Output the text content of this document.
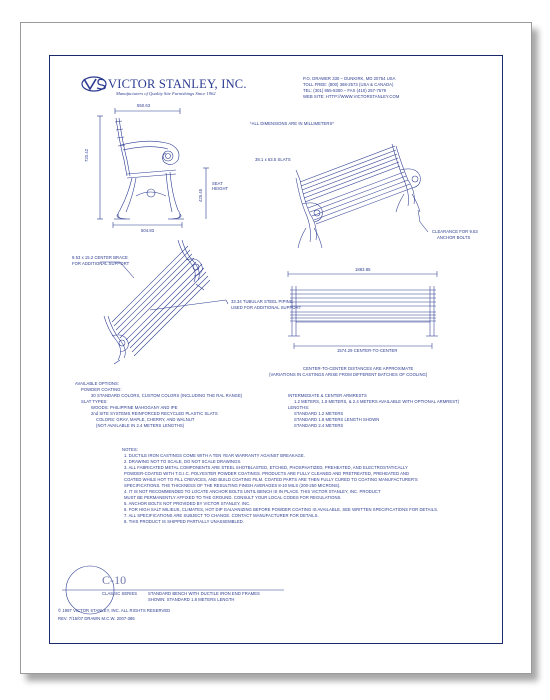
VICTOR STANLEY, INC.
Manufacturers of Quality Site Furnishings Since 1962
P.O. DRAWER 330 – DUNKIRK, MD 20754 USA
TOLL FREE: (800) 368-2573 (USA & CANADA)
TEL: (301) 855-8300 – FAX (410) 257-7579
WEB SITE: HTTP://WWW.VICTORSTANLEY.COM
*ALL DIMENSIONS ARE IN MILLIMETERS*
550.63
720.42
SEAT HEIGHT
425.45
504.83
38.1 x 63.5 SLATS
CLEARANCE FOR 9.53
ANCHOR BOLTS
9.53 x 15.2 CENTER BRACE
FOR ADDITIONAL SUPPORT
33.34 TUBULAR STEEL PIPING
USED FOR ADDITIONAL SUPPORT
1883.85
1574.29 CENTER-TO-CENTER
CENTER-TO-CENTER DISTANCES ARE APPROXIMATE
(VARIATIONS IN CASTINGS ARISE FROM DIFFERENT BATCHES OF COOLING)
AVAILABLE OPTIONS:
POWDER COATING:
30 STANDARD COLORS, CUSTOM COLORS (INCLUDING THE RAL RANGE)
SLAT TYPES:
WOODS: PHILIPPINE MAHOGANY AND IPE
2nd SITE SYSTEMS REINFORCED RECYCLED PLASTIC SLATS
COLORS: GRAY, MAPLE, CHERRY, AND WALNUT
(NOT AVAILABLE IN 2.4 METERS LENGTHS)
INTERMEDIATE & CENTER ARMRESTS
1.2 METERS, 1.8 METERS, & 2.4 METERS AVAILABLE WITH OPTIONAL ARMREST)
LENGTHS:
STANDARD 1.2 METERS
STANDARD 1.8 METERS LENGTH SHOWN
STANDARD 2.4 METERS
NOTES:
1. DUCTILE IRON CASTINGS COME WITH A TEN YEAR WARRANTY AGAINST BREAKAGE.
2. DRAWING NOT TO SCALE, DO NOT SCALE DRAWINGS.
3. ALL FABRICATED METAL COMPONENTS ARE STEEL SHOTBLASTED, ETCHED, PHOSPHATIZED, PREHEATED, AND ELECTROSTATICALLY
POWDER-COATED WITH T.G.I.C. POLYESTER POWDER COATINGS. PRODUCTS ARE FULLY CLEANED AND PRETREATED, PREHEATED AND
COATED WHILE HOT TO FILL CREVICES, AND BUILD COATING FILM. COATED PARTS ARE THEN FULLY CURED TO COATING MANUFACTURER'S
SPECIFICATIONS. THE THICKNESS OF THE RESULTING FINISH AVERAGES 8-10 MILS (200-250 MICRONS).
4. IT IS NOT RECOMMENDED TO LOCATE ANCHOR BOLTS UNTIL BENCH IS IN PLACE. THIS VICTOR STANLEY, INC. PRODUCT
MUST BE PERMANENTLY AFFIXED TO THE GROUND. CONSULT YOUR LOCAL CODES FOR REGULATIONS.
5. ANCHOR BOLTS NOT PROVIDED BY VICTOR STANLEY, INC.
6. FOR HIGH SALT MILIEUS, CLIMATES, HOT DIP GALVANIZING BEFORE POWDER COATING IS AVAILABLE. SEE WRITTEN SPECIFICATIONS FOR DETAILS.
7. ALL SPECIFICATIONS ARE SUBJECT TO CHANGE. CONTACT MANUFACTURER FOR DETAILS.
8. THIS PRODUCT IS SHIPPED PARTIALLY UNASSEMBLED.
C-10
CLASSIC SERIES	STANDARD BENCH WITH DUCTILE IRON END FRAMES
SHOWN: STANDARD 1.8 METERS LENGTH
© 1997 VICTOR STANLEY, INC. ALL RIGHTS RESERVED
REV. 7/15/07 DRAWN M.C.W. 2007-386
